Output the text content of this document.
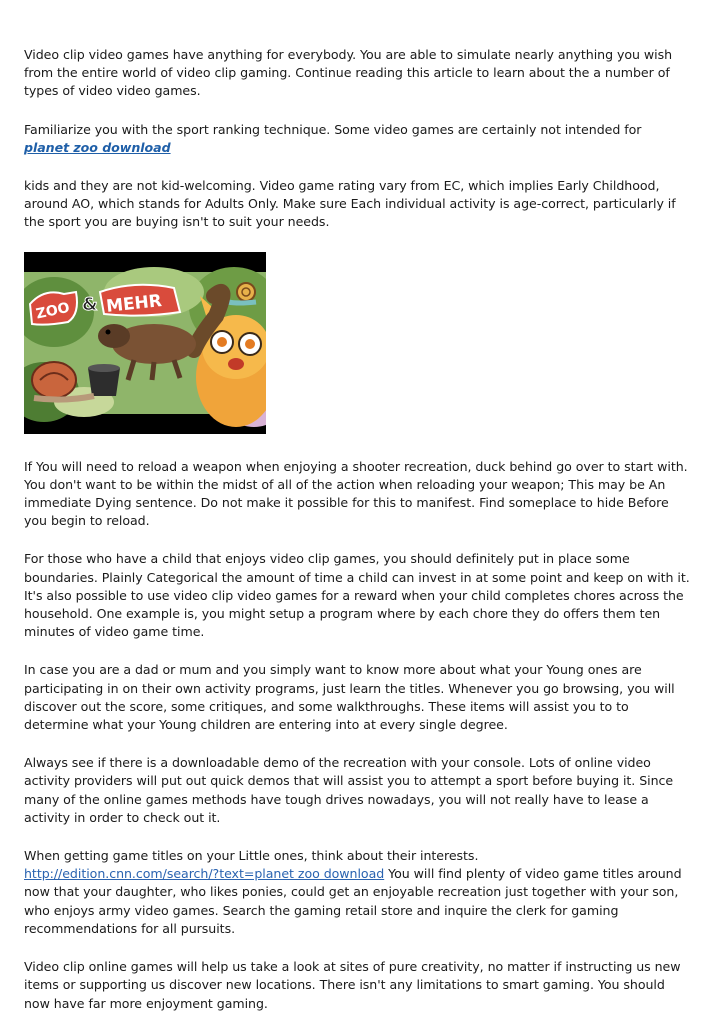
Video clip video games have anything for everybody. You are able to simulate nearly anything you wish from the entire world of video clip gaming. Continue reading this article to learn about the a number of types of video video games.

Familiarize you with the sport ranking technique. Some video games are certainly not intended for planet zoo download

kids and they are not kid-welcoming. Video game rating vary from EC, which implies Early Childhood, around AO, which stands for Adults Only. Make sure Each individual activity is age-correct, particularly if the sport you are buying isn't to suit your needs.

ZOO & MEHR

If You will need to reload a weapon when enjoying a shooter recreation, duck behind go over to start with. You don't want to be within the midst of all of the action when reloading your weapon; This may be An immediate Dying sentence. Do not make it possible for this to manifest. Find someplace to hide Before you begin to reload.

For those who have a child that enjoys video clip games, you should definitely put in place some boundaries. Plainly Categorical the amount of time a child can invest in at some point and keep on with it. It's also possible to use video clip video games for a reward when your child completes chores across the household. One example is, you might setup a program where by each chore they do offers them ten minutes of video game time.

In case you are a dad or mum and you simply want to know more about what your Young ones are participating in on their own activity programs, just learn the titles. Whenever you go browsing, you will discover out the score, some critiques, and some walkthroughs. These items will assist you to to determine what your Young children are entering into at every single degree.

Always see if there is a downloadable demo of the recreation with your console. Lots of online video activity providers will put out quick demos that will assist you to attempt a sport before buying it. Since many of the online games methods have tough drives nowadays, you will not really have to lease a activity in order to check out it.

When getting game titles on your Little ones, think about their interests.
http://edition.cnn.com/search/?text=planet zoo download You will find plenty of video game titles around now that your daughter, who likes ponies, could get an enjoyable recreation just together with your son, who enjoys army video games. Search the gaming retail store and inquire the clerk for gaming recommendations for all pursuits.

Video clip online games will help us take a look at sites of pure creativity, no matter if instructing us new items or supporting us discover new locations. There isn't any limitations to smart gaming. You should now have far more enjoyment gaming.
